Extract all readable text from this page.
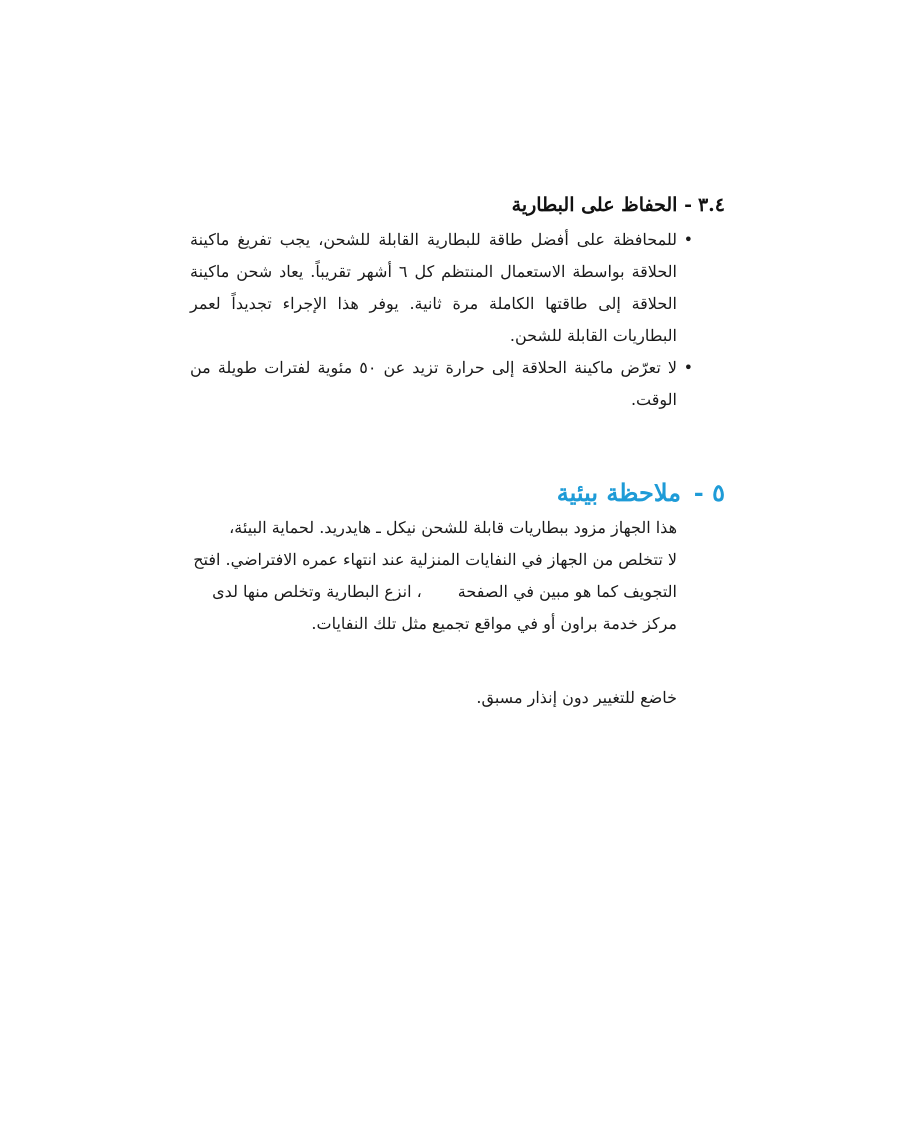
٣.٤- الحفاظ على البطارية
•
للمحافظة على أفضل طاقة للبطارية القابلة للشحن، يجب تفريغ ماكينة الحلاقة بواسطة الاستعمال المنتظم كل ٦ أشهر تقريباً. يعاد شحن ماكينة الحلاقة إلى طاقتها الكاملة مرة ثانية. يوفر هذا الإجراء تجديداً لعمر البطاريات القابلة للشحن.
•
لا تعرّض ماكينة الحلاقة إلى حرارة تزيد عن ٥٠ مئوية لفترات طويلة من الوقت.
٥ -ملاحظة بيئية
هذا الجهاز مزود ببطاريات قابلة للشحن نيكل ـ هايدريد. لحماية البيئة،
لا تتخلص من الجهاز في النفايات المنزلية عند انتهاء عمره الافتراضي. افتح
التجويف كما هو مبين في الصفحة، انزع البطارية وتخلص منها لدى
مركز خدمة براون أو في مواقع تجميع مثل تلك النفايات.
خاضع للتغيير دون إنذار مسبق.
